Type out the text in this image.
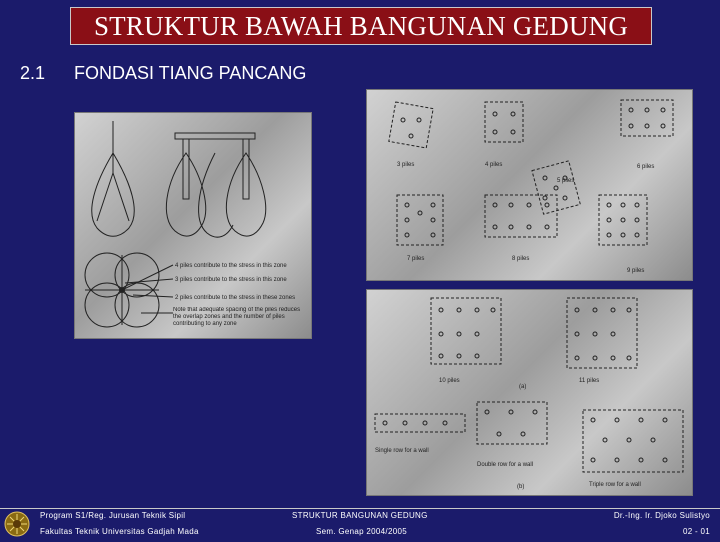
STRUKTUR BAWAH BANGUNAN GEDUNG
2.1 FONDASI TIANG PANCANG
4 piles contribute to the stress in this zone
3 piles contribute to the stress in this zone
2 piles contribute to the stress in these zones
Note that adequate spacing of the piles reduces the overlap zones and the number of piles contributing to any zone
3 piles	4 piles
5 piles
6 piles
7 piles	8 piles
9 piles
10 piles	11 piles
(a)
Single row for a wall
Double row for a wall
Triple row for a wall
(b)
Program S1/Reg. Jurusan Teknik Sipil
Fakultas Teknik Universitas Gadjah Mada
STRUKTUR BANGUNAN GEDUNG
Sem. Genap 2004/2005
Dr.-Ing. Ir. Djoko Sulistyo
02 - 01
